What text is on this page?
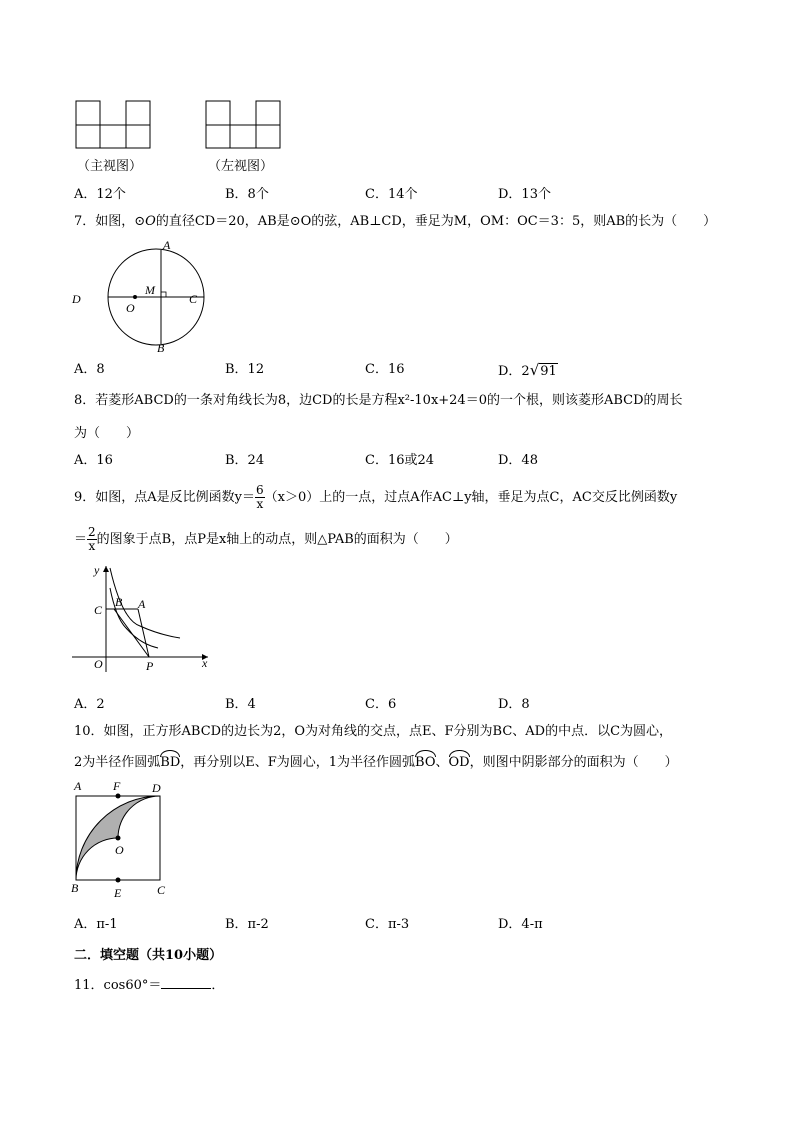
（主视图）	（左视图）
A．12个	B．8个	C．14个	D．13个
7．如图，⊙O的直径CD＝20，AB是⊙O的弦，AB⊥CD，垂足为M，OM：OC＝3：5，则AB的长为（　　）
A
B
C
D
M
O
A．8	B．12	C．16	D．2√91
8．若菱形ABCD的一条对角线长为8，边CD的长是方程x²-10x+24＝0的一个根，则该菱形ABCD的周长
为（　　）
A．16	B．24	C．16或24	D．48
9．如图，点A是反比例函数$y= \frac{6}{x} (x>0)$上的一点，过点A作AC⊥y轴，垂足为点C，AC交反比例函数y
＝ $\frac{2}{x}$ 的图象于点B，点P是x轴上的动点，则△PAB的面积为（　　）
y
x
C
B A
O	P
A．2	B．4	C．6	D．8
10．如图，正方形ABCD的边长为2，O为对角线的交点，点E、F分别为BC、AD的中点．以C为圆心，
2为半径作圆弧BD，再分别以E、F为圆心，1为半径作圆弧BO、OD，则图中阴影部分的面积为（　　）
A	F	D
O
B	E	C
A．π-1	B．π-2	C．π-3	D．4-π
二．填空题（共10小题）
11．cos60°＝	．
